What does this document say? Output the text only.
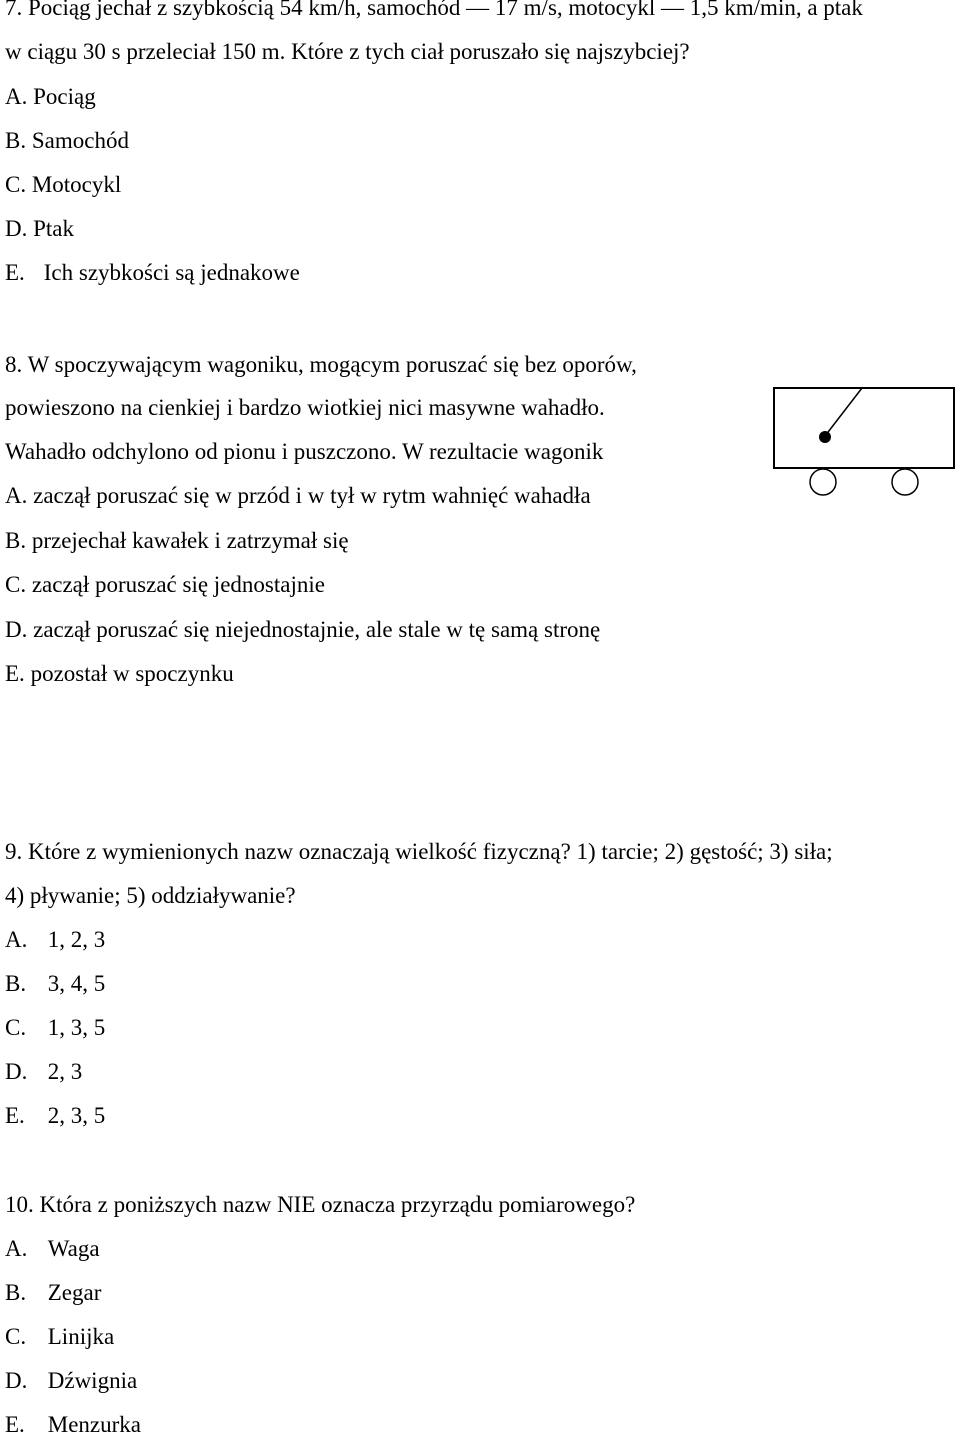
7. Pociąg jechał z szybkością 54 km/h, samochód — 17 m/s, motocykl — 1,5 km/min, a ptak
w ciągu 30 s przeleciał 150 m. Które z tych ciał poruszało się najszybciej?
A. Pociąg
B. Samochód
C. Motocykl
D. Ptak
E. Ich szybkości są jednakowe
8. W spoczywającym wagoniku, mogącym poruszać się bez oporów,
powieszono na cienkiej i bardzo wiotkiej nici masywne wahadło.
Wahadło odchylono od pionu i puszczono. W rezultacie wagonik
A. zaczął poruszać się w przód i w tył w rytm wahnięć wahadła
B. przejechał kawałek i zatrzymał się
C. zaczął poruszać się jednostajnie
D. zaczął poruszać się niejednostajnie, ale stale w tę samą stronę
E. pozostał w spoczynku
9. Które z wymienionych nazw oznaczają wielkość fizyczną? 1) tarcie; 2) gęstość; 3) siła;
4) pływanie; 5) oddziaływanie?
A. 1, 2, 3
B. 3, 4, 5
C. 1, 3, 5
D. 2, 3
E. 2, 3, 5
10. Która z poniższych nazw NIE oznacza przyrządu pomiarowego?
A. Waga
B. Zegar
C. Linijka
D. Dźwignia
E. Menzurka
